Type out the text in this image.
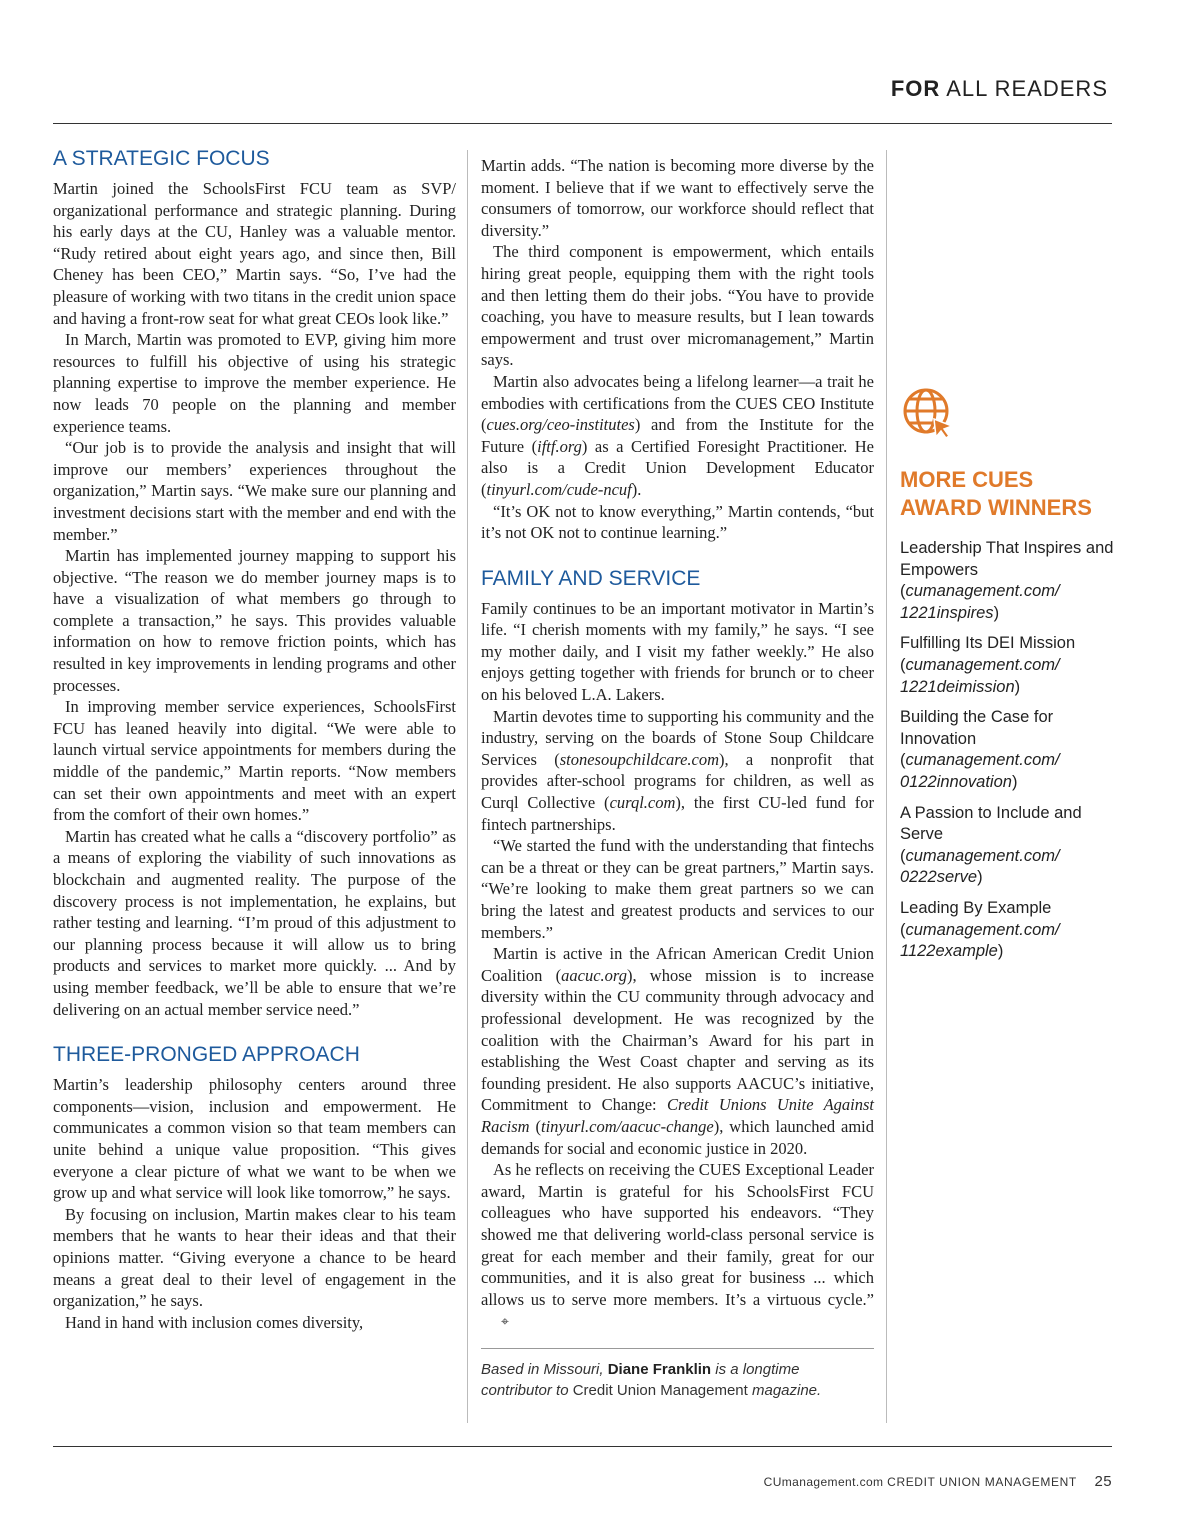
FOR ALL READERS
A STRATEGIC FOCUS

Martin joined the SchoolsFirst FCU team as SVP/ organizational performance and strategic planning. During his early days at the CU, Hanley was a valuable mentor. “Rudy retired about eight years ago, and since then, Bill Cheney has been CEO,” Martin says. “So, I’ve had the pleasure of working with two titans in the credit union space and having a front-row seat for what great CEOs look like.”

In March, Martin was promoted to EVP, giving him more resources to fulfill his objective of using his strategic planning expertise to improve the member experience. He now leads 70 people on the planning and member experience teams.

“Our job is to provide the analysis and insight that will improve our members’ experiences throughout the organization,” Martin says. “We make sure our planning and investment decisions start with the member and end with the member.”

Martin has implemented journey mapping to support his objective. “The reason we do member journey maps is to have a visualization of what members go through to complete a transaction,” he says. This provides valuable information on how to remove friction points, which has resulted in key improvements in lending programs and other processes.

In improving member service experiences, SchoolsFirst FCU has leaned heavily into digital. “We were able to launch virtual service appointments for members during the middle of the pandemic,” Martin reports. “Now members can set their own appointments and meet with an expert from the comfort of their own homes.”

Martin has created what he calls a “discovery portfolio” as a means of exploring the viability of such innovations as blockchain and augmented reality. The purpose of the discovery process is not implementation, he explains, but rather testing and learning. “I’m proud of this adjustment to our planning process because it will allow us to bring products and services to market more quickly. ... And by using member feedback, we’ll be able to ensure that we’re delivering on an actual member service need.”

THREE-PRONGED APPROACH

Martin’s leadership philosophy centers around three components—vision, inclusion and empowerment. He communicates a common vision so that team members can unite behind a unique value proposition. “This gives everyone a clear picture of what we want to be when we grow up and what service will look like tomorrow,” he says.

By focusing on inclusion, Martin makes clear to his team members that he wants to hear their ideas and that their opinions matter. “Giving everyone a chance to be heard means a great deal to their level of engagement in the organization,” he says.

Hand in hand with inclusion comes diversity,

Martin adds. “The nation is becoming more diverse by the moment. I believe that if we want to effectively serve the consumers of tomorrow, our workforce should reflect that diversity.”

The third component is empowerment, which entails hiring great people, equipping them with the right tools and then letting them do their jobs. “You have to provide coaching, you have to measure results, but I lean towards empowerment and trust over micromanagement,” Martin says.

Martin also advocates being a lifelong learner—a trait he embodies with certifications from the CUES CEO Institute (cues.org/ceo-institutes) and from the Institute for the Future (iftf.org) as a Certified Foresight Practitioner. He also is a Credit Union Development Educator (tinyurl.com/cude-ncuf).

“It’s OK not to know everything,” Martin contends, “but it’s not OK not to continue learning.”

FAMILY AND SERVICE

Family continues to be an important motivator in Martin’s life. “I cherish moments with my family,” he says. “I see my mother daily, and I visit my father weekly.” He also enjoys getting together with friends for brunch or to cheer on his beloved L.A. Lakers.

Martin devotes time to supporting his community and the industry, serving on the boards of Stone Soup Childcare Services (stonesoupchildcare.com), a nonprofit that provides after-school programs for children, as well as Curql Collective (curql.com), the first CU-led fund for fintech partnerships.

“We started the fund with the understanding that fintechs can be a threat or they can be great partners,” Martin says. “We’re looking to make them great partners so we can bring the latest and greatest products and services to our members.”

Martin is active in the African American Credit Union Coalition (aacuc.org), whose mission is to increase diversity within the CU community through advocacy and professional development. He was recognized by the coalition with the Chairman’s Award for his part in establishing the West Coast chapter and serving as its founding president. He also supports AACUC’s initiative, Commitment to Change: Credit Unions Unite Against Racism (tinyurl.com/aacuc-change), which launched amid demands for social and economic justice in 2020.

As he reflects on receiving the CUES Exceptional Leader award, Martin is grateful for his SchoolsFirst FCU colleagues who have supported his endeavors. “They showed me that delivering world-class personal service is great for each member and their family, great for our communities, and it is also great for business ... which allows us to serve more members. It’s a virtuous cycle.”⌖

Based in Missouri, Diane Franklin is a longtime contributor to Credit Union Management magazine.
MORE CUES AWARD WINNERS
Leadership That Inspires and Empowers
(cumanagement.com/ 1221inspires)
Fulfilling Its DEI Mission
(cumanagement.com/ 1221deimission)
Building the Case for Innovation
(cumanagement.com/ 0122innovation)
A Passion to Include and Serve
(cumanagement.com/ 0222serve)
Leading By Example
(cumanagement.com/ 1122example)
CUmanagement.com CREDIT UNION MANAGEMENT 25
